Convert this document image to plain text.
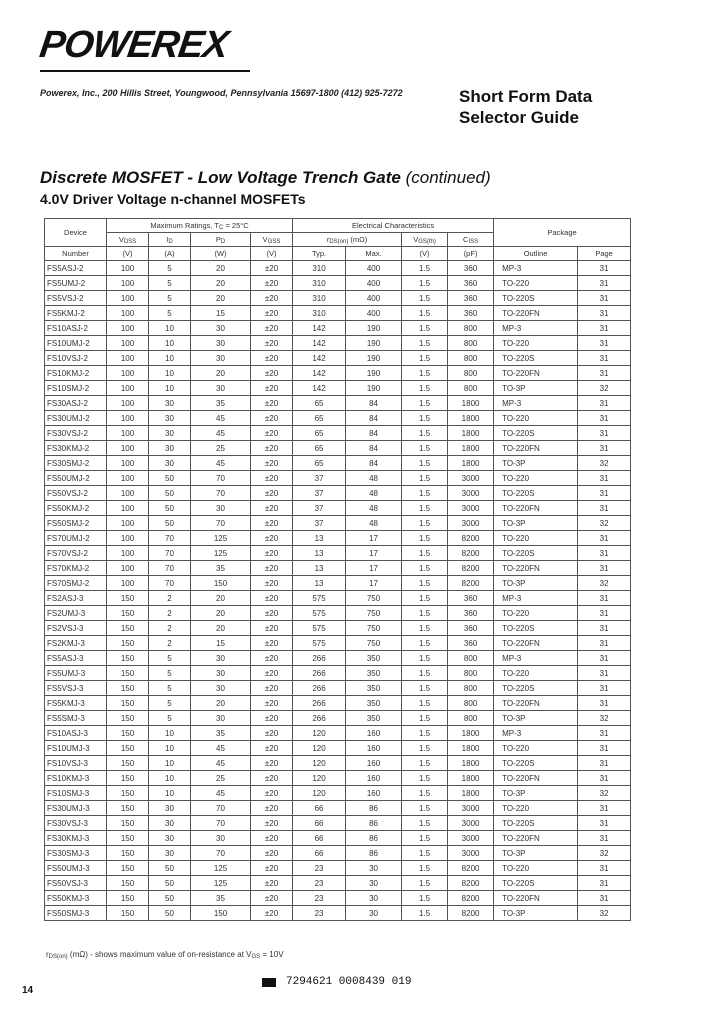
POWEREX
Powerex, Inc., 200 Hillis Street, Youngwood, Pennsylvania 15697-1800 (412) 925-7272	Short Form Data
Selector Guide
Discrete MOSFET - Low Voltage Trench Gate (continued)
4.0V Driver Voltage n-channel MOSFETs
Device	Maximum Ratings, $T_C = 25^\circ C$				Electrical Characteristics				Package	
	$V_{DSS}$	$I_D$	$P_D$	$V_{GSS}$	$r_{DS(on)}$ (mΩ)		$V_{GS(th)}$	$C_{ISS}$
Number	(V)	(A)	(W)	(V)	Typ.	Max.	(V)	(pF)	Outline	Page
FS5ASJ-2	100	5	20	±20	310	400	1.5	360	MP-3	31
FS5UMJ-2	100	5	20	±20	310	400	1.5	360	TO-220	31
FS5VSJ-2	100	5	20	±20	310	400	1.5	360	TO-220S	31
FS5KMJ-2	100	5	15	±20	310	400	1.5	360	TO-220FN	31
FS10ASJ-2	100	10	30	±20	142	190	1.5	800	MP-3	31
FS10UMJ-2	100	10	30	±20	142	190	1.5	800	TO-220	31
FS10VSJ-2	100	10	30	±20	142	190	1.5	800	TO-220S	31
FS10KMJ-2	100	10	20	±20	142	190	1.5	800	TO-220FN	31
FS10SMJ-2	100	10	30	±20	142	190	1.5	800	TO-3P	32
FS30ASJ-2	100	30	35	±20	65	84	1.5	1800	MP-3	31
FS30UMJ-2	100	30	45	±20	65	84	1.5	1800	TO-220	31
FS30VSJ-2	100	30	45	±20	65	84	1.5	1800	TO-220S	31
FS30KMJ-2	100	30	25	±20	65	84	1.5	1800	TO-220FN	31
FS30SMJ-2	100	30	45	±20	65	84	1.5	1800	TO-3P	32
FS50UMJ-2	100	50	70	±20	37	48	1.5	3000	TO-220	31
FS50VSJ-2	100	50	70	±20	37	48	1.5	3000	TO-220S	31
FS50KMJ-2	100	50	30	±20	37	48	1.5	3000	TO-220FN	31
FS50SMJ-2	100	50	70	±20	37	48	1.5	3000	TO-3P	32
FS70UMJ-2	100	70	125	±20	13	17	1.5	8200	TO-220	31
FS70VSJ-2	100	70	125	±20	13	17	1.5	8200	TO-220S	31
FS70KMJ-2	100	70	35	±20	13	17	1.5	8200	TO-220FN	31
FS70SMJ-2	100	70	150	±20	13	17	1.5	8200	TO-3P	32
FS2ASJ-3	150	2	20	±20	575	750	1.5	360	MP-3	31
FS2UMJ-3	150	2	20	±20	575	750	1.5	360	TO-220	31
FS2VSJ-3	150	2	20	±20	575	750	1.5	360	TO-220S	31
FS2KMJ-3	150	2	15	±20	575	750	1.5	360	TO-220FN	31
FS5ASJ-3	150	5	30	±20	266	350	1.5	800	MP-3	31
FS5UMJ-3	150	5	30	±20	266	350	1.5	800	TO-220	31
FS5VSJ-3	150	5	30	±20	266	350	1.5	800	TO-220S	31
FS5KMJ-3	150	5	20	±20	266	350	1.5	800	TO-220FN	31
FS5SMJ-3	150	5	30	±20	266	350	1.5	800	TO-3P	32
FS10ASJ-3	150	10	35	±20	120	160	1.5	1800	MP-3	31
FS10UMJ-3	150	10	45	±20	120	160	1.5	1800	TO-220	31
FS10VSJ-3	150	10	45	±20	120	160	1.5	1800	TO-220S	31
FS10KMJ-3	150	10	25	±20	120	160	1.5	1800	TO-220FN	31
FS10SMJ-3	150	10	45	±20	120	160	1.5	1800	TO-3P	32
FS30UMJ-3	150	30	70	±20	66	86	1.5	3000	TO-220	31
FS30VSJ-3	150	30	70	±20	66	86	1.5	3000	TO-220S	31
FS30KMJ-3	150	30	30	±20	66	86	1.5	3000	TO-220FN	31
FS30SMJ-3	150	30	70	±20	66	86	1.5	3000	TO-3P	32
FS50UMJ-3	150	50	125	±20	23	30	1.5	8200	TO-220	31
FS50VSJ-3	150	50	125	±20	23	30	1.5	8200	TO-220S	31
FS50KMJ-3	150	50	35	±20	23	30	1.5	8200	TO-220FN	31
FS50SMJ-3	150	50	150	±20	23	30	1.5	8200	TO-3P	32
$r_{DS(on)}$ (mΩ) - shows maximum value of on-resistance at $V_{GS} = 10V$
14
7294621 0008439 019
